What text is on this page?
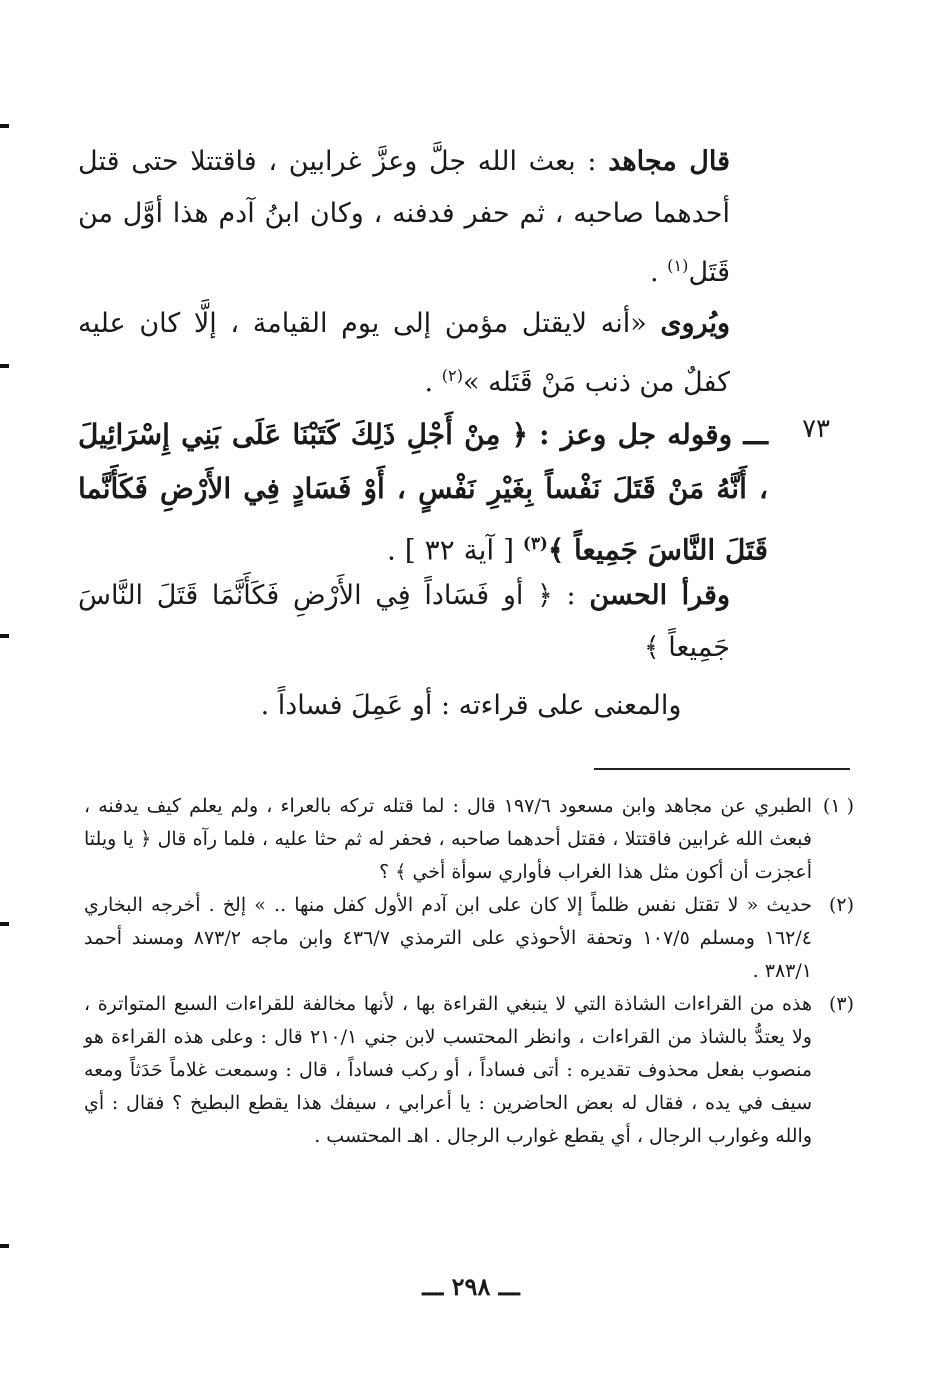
قال مجاهد : بعث الله جلَّ وعزَّ غرابين ، فاقتتلا حتى قتل أحدهما صاحبه ، ثم حفر فدفنه ، وكان ابنُ آدم هذا أوَّل من قَتَل$^{(١)}$ .
ويُروى «أنه لايقتل مؤمن إلى يوم القيامة ، إلَّا كان عليه كفلٌ من ذنب مَنْ قَتَله »$^{(٢)}$ .
٧٣
ـــ وقوله جل وعز : ﴿ مِنْ أَجْلِ ذَلِكَ كَتَبْنَا عَلَى بَنِي إِسْرَائِيلَ ، أَنَّهُ مَنْ قَتَلَ نَفْساً بِغَيْرِ نَفْسٍ ، أَوْ فَسَادٍ فِي الأَرْضِ فَكَأَنَّما قَتَلَ النَّاسَ جَمِيعاً ﴾$^{(٣)}$ [ آية ٣٢ ] .
وقرأ الحسن : ﴿ أو فَسَاداً فِي الأَرْضِ فَكَأَنَّمَا قَتَلَ النَّاسَ جَمِيعاً ﴾
والمعنى على قراءته : أو عَمِلَ فساداً .
( ١)
الطبري عن مجاهد وابن مسعود ١٩٧/٦ قال : لما قتله تركه بالعراء ، ولم يعلم كيف يدفنه ، فبعث الله غرابين فاقتتلا ، فقتل أحدهما صاحبه ، فحفر له ثم حثا عليه ، فلما رآه قال ﴿ يا ويلتا أعجزت أن أكون مثل هذا الغراب فأواري سوأة أخي ﴾ ؟
(٢)
حديث « لا تقتل نفس ظلماً إلا كان على ابن آدم الأول كفل منها .. » إلخ . أخرجه البخاري ١٦٢/٤ ومسلم ١٠٧/٥ وتحفة الأحوذي على الترمذي ٤٣٦/٧ وابن ماجه ٨٧٣/٢ ومسند أحمد ٣٨٣/١ .
(٣)
هذه من القراءات الشاذة التي لا ينبغي القراءة بها ، لأنها مخالفة للقراءات السبع المتواترة ، ولا يعتدُّ بالشاذ من القراءات ، وانظر المحتسب لابن جني ٢١٠/١ قال : وعلى هذه القراءة هو منصوب بفعل محذوف تقديره : أتى فساداً ، أو ركب فساداً ، قال : وسمعت غلاماً حَدَثاً ومعه سيف في يده ، فقال له بعض الحاضرين : يا أعرابي ، سيفك هذا يقطع البطيخ ؟ فقال : أي والله وغوارب الرجال ، أي يقطع غوارب الرجال . اهـ المحتسب .
ـــ ٢٩٨ ـــ
